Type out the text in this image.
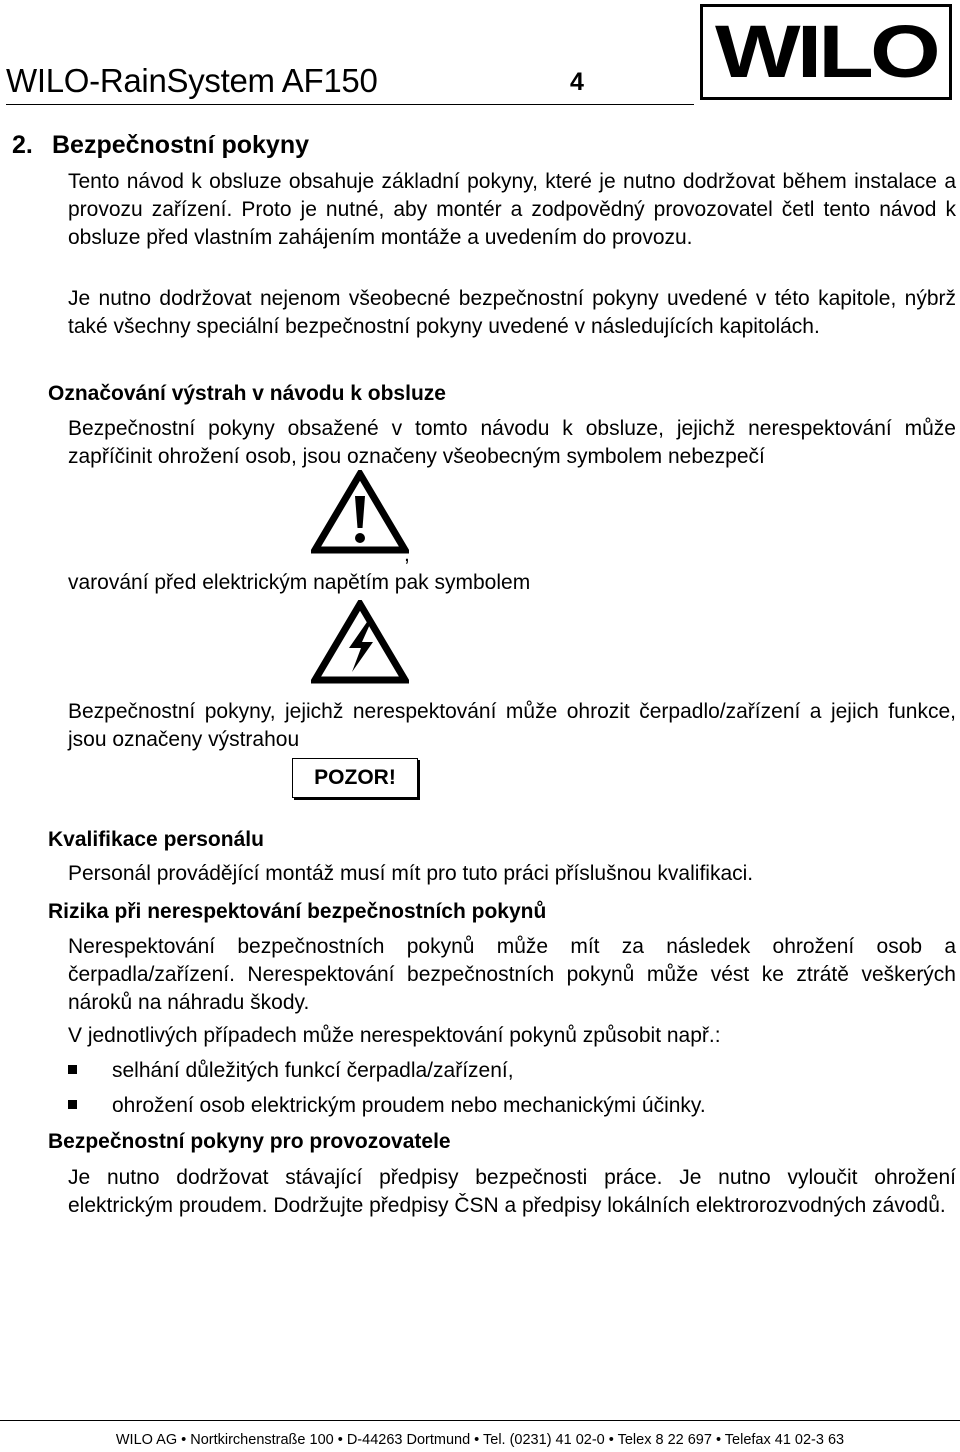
WILO-RainSystem AF150	4 WILO
2. Bezpečnostní pokyny
Tento návod k obsluze obsahuje základní pokyny, které je nutno dodržovat během instalace a provozu zařízení. Proto je nutné, aby montér a zodpovědný provozovatel četl tento návod k obsluze před vlastním zahájením montáže a uvedením do provozu.
Je nutno dodržovat nejenom všeobecné bezpečnostní pokyny uvedené v této kapitole, nýbrž také všechny speciální bezpečnostní pokyny uvedené v následujících kapitolách.
Označování výstrah v návodu k obsluze
Bezpečnostní pokyny obsažené v tomto návodu k obsluze, jejichž nerespektování může zapříčinit ohrožení osob, jsou označeny všeobecným symbolem nebezpečí
,
varování před elektrickým napětím pak symbolem
.
Bezpečnostní pokyny, jejichž nerespektování může ohrozit čerpadlo/zařízení a jejich funkce, jsou označeny výstrahou
POZOR!
Kvalifikace personálu
Personál provádějící montáž musí mít pro tuto práci příslušnou kvalifikaci.
Rizika při nerespektování bezpečnostních pokynů
Nerespektování bezpečnostních pokynů může mít za následek ohrožení osob a čerpadla/zařízení. Nerespektování bezpečnostních pokynů může vést ke ztrátě veškerých nároků na náhradu škody.
V jednotlivých případech může nerespektování pokynů způsobit např.:
selhání důležitých funkcí čerpadla/zařízení,
ohrožení osob elektrickým proudem nebo mechanickými účinky.
Bezpečnostní pokyny pro provozovatele
Je nutno dodržovat stávající předpisy bezpečnosti práce. Je nutno vyloučit ohrožení elektrickým proudem. Dodržujte předpisy ČSN a předpisy lokálních elektrorozvodných závodů.
WILO AG • Nortkirchenstraße 100 • D-44263 Dortmund • Tel. (0231) 41 02-0 • Telex 8 22 697 • Telefax 41 02-3 63
